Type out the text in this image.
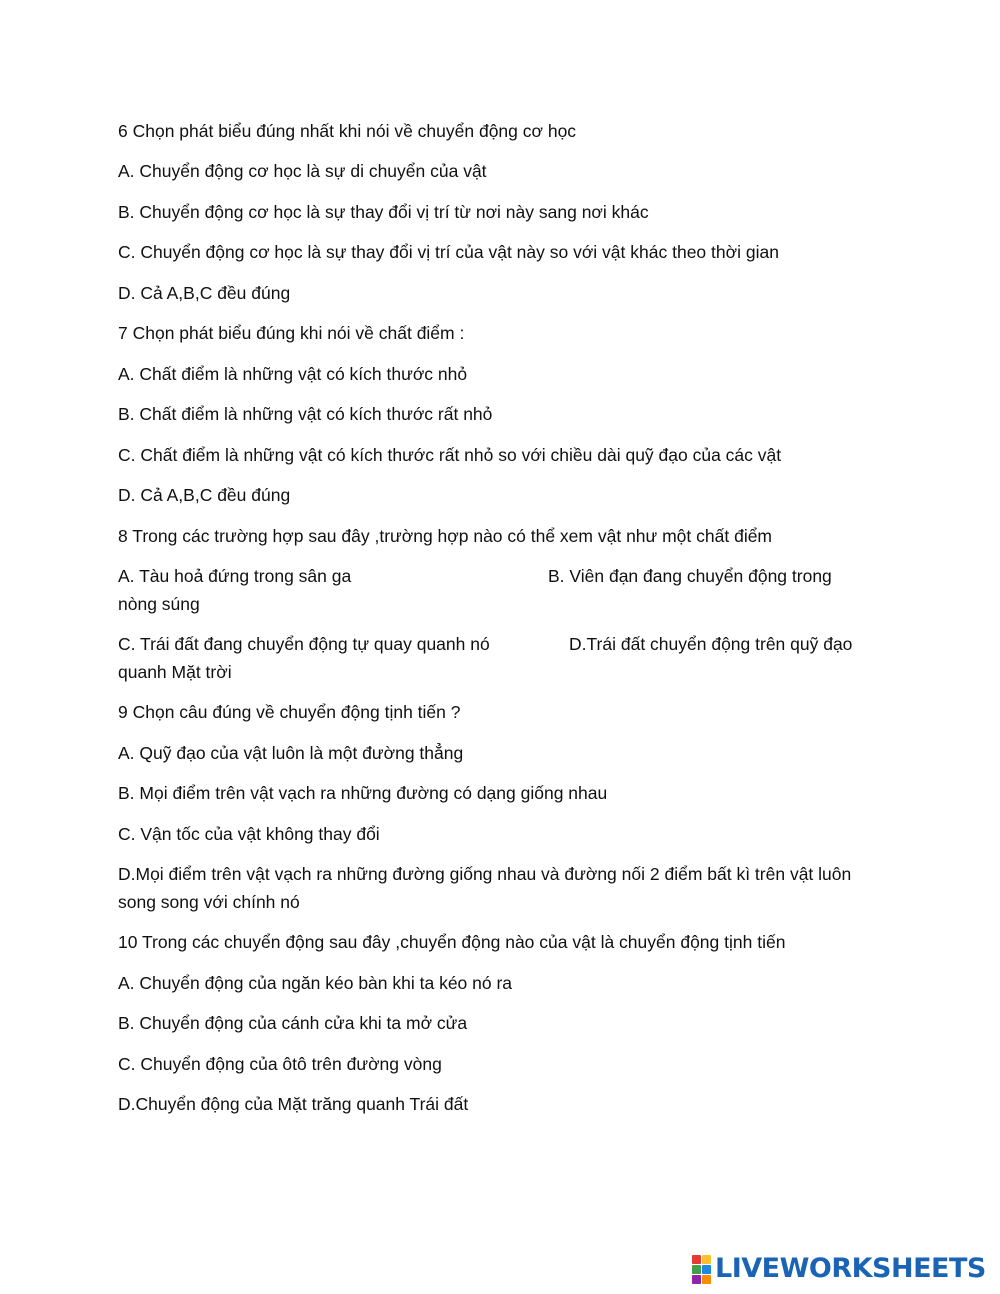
6 Chọn phát biểu đúng nhất khi nói về chuyển động cơ học
A. Chuyển động cơ học là sự di chuyển của vật
B. Chuyển động cơ học là sự thay đổi vị trí từ nơi này sang nơi khác
C. Chuyển động cơ học là sự thay đổi vị trí của vật này so với vật khác theo thời gian
D. Cả A,B,C đều đúng
7 Chọn phát biểu đúng khi nói về chất điểm :
A. Chất điểm là những vật có kích thước nhỏ
B. Chất điểm là những vật có kích thước rất nhỏ
C. Chất điểm là những vật có kích thước rất nhỏ so với chiều dài quỹ đạo của các vật
D. Cả A,B,C đều đúng
8 Trong các trường hợp sau đây ,trường hợp nào có thể xem vật như một chất điểm
A. Tàu hoả đứng trong sân ga	B. Viên đạn đang chuyển động trong
nòng súng
C. Trái đất đang chuyển động tự quay quanh nó	D.Trái đất chuyển động trên quỹ đạo
quanh Mặt trời
9 Chọn câu đúng về chuyển động tịnh tiến ?
A. Quỹ đạo của vật luôn là một đường thẳng
B. Mọi điểm trên vật vạch ra những đường có dạng giống nhau
C. Vận tốc của vật không thay đổi
D.Mọi điểm trên vật vạch ra những đường giống nhau và đường nối 2 điểm bất kì trên vật luôn
song song với chính nó
10 Trong các chuyển động sau đây ,chuyển động nào của vật là chuyển động tịnh tiến
A. Chuyển động của ngăn kéo bàn khi ta kéo nó ra
B. Chuyển động của cánh cửa khi ta mở cửa
C. Chuyển động của ôtô trên đường vòng
D.Chuyển động của Mặt trăng quanh Trái đất
LIVEWORKSHEETS
